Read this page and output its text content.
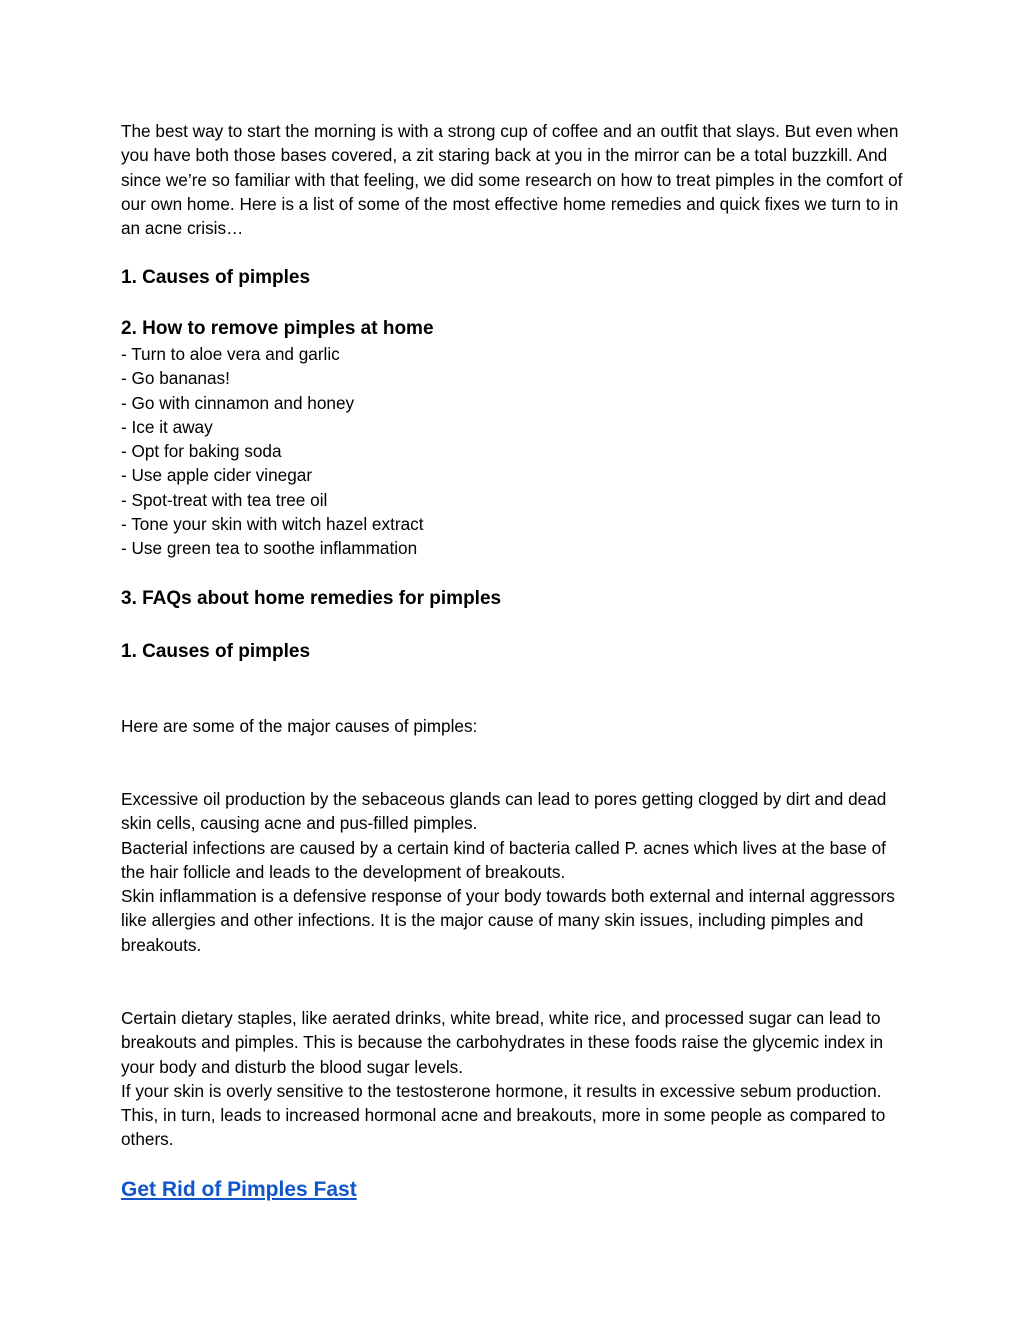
The best way to start the morning is with a strong cup of coffee and an outfit that slays. But even when you have both those bases covered, a zit staring back at you in the mirror can be a total buzzkill. And since we’re so familiar with that feeling, we did some research on how to treat pimples in the comfort of our own home. Here is a list of some of the most effective home remedies and quick fixes we turn to in an acne crisis…

1. Causes of pimples

2. How to remove pimples at home

- Turn to aloe vera and garlic
- Go bananas!
- Go with cinnamon and honey
- Ice it away
- Opt for baking soda
- Use apple cider vinegar
- Spot-treat with tea tree oil
- Tone your skin with witch hazel extract
- Use green tea to soothe inflammation

3. FAQs about home remedies for pimples

1. Causes of pimples

Here are some of the major causes of pimples:

Excessive oil production by the sebaceous glands can lead to pores getting clogged by dirt and dead skin cells, causing acne and pus-filled pimples.

Bacterial infections are caused by a certain kind of bacteria called P. acnes which lives at the base of the hair follicle and leads to the development of breakouts.

Skin inflammation is a defensive response of your body towards both external and internal aggressors like allergies and other infections. It is the major cause of many skin issues, including pimples and breakouts.

Certain dietary staples, like aerated drinks, white bread, white rice, and processed sugar can lead to breakouts and pimples. This is because the carbohydrates in these foods raise the glycemic index in your body and disturb the blood sugar levels.

If your skin is overly sensitive to the testosterone hormone, it results in excessive sebum production. This, in turn, leads to increased hormonal acne and breakouts, more in some people as compared to others.

Get Rid of Pimples Fast
